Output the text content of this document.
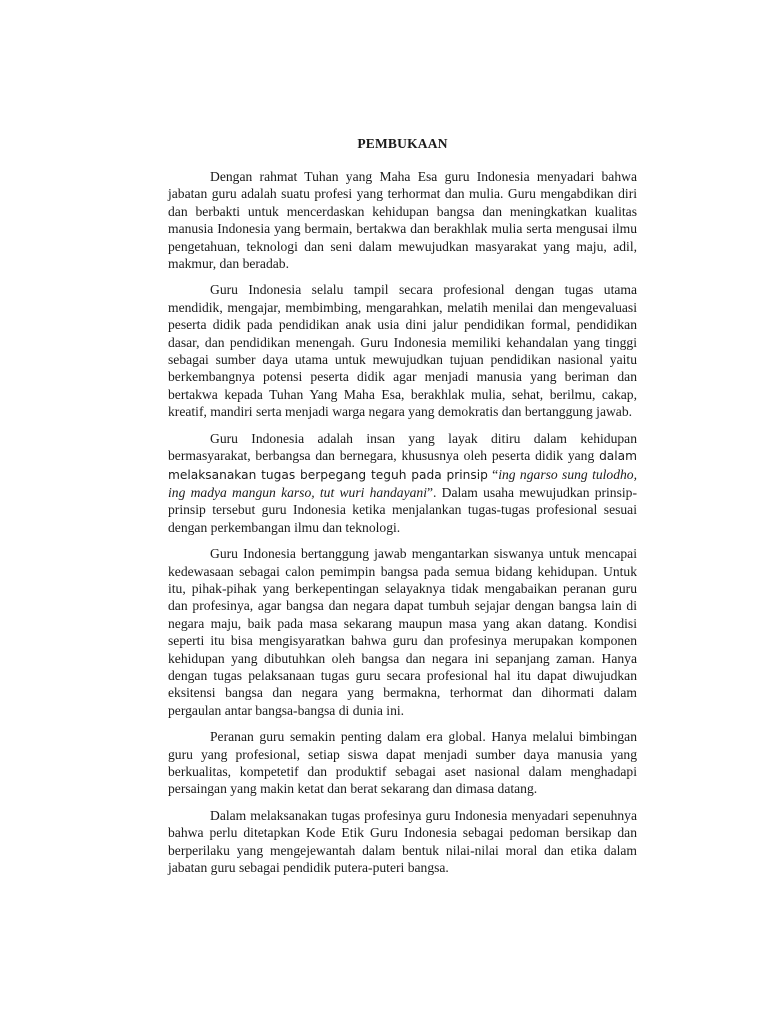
PEMBUKAAN

Dengan rahmat Tuhan yang Maha Esa guru Indonesia menyadari bahwa jabatan guru adalah suatu profesi yang terhormat dan mulia. Guru mengabdikan diri dan berbakti untuk mencerdaskan kehidupan bangsa dan meningkatkan kualitas manusia Indonesia yang bermain, bertakwa dan berakhlak mulia serta mengusai ilmu pengetahuan, teknologi dan seni dalam mewujudkan masyarakat yang maju, adil, makmur, dan beradab.

Guru Indonesia selalu tampil secara profesional dengan tugas utama mendidik, mengajar, membimbing, mengarahkan, melatih menilai dan mengevaluasi peserta didik pada pendidikan anak usia dini jalur pendidikan formal, pendidikan dasar, dan pendidikan menengah. Guru Indonesia memiliki kehandalan yang tinggi sebagai sumber daya utama untuk mewujudkan tujuan pendidikan nasional yaitu berkembangnya potensi peserta didik agar menjadi manusia yang beriman dan bertakwa kepada Tuhan Yang Maha Esa, berakhlak mulia, sehat, berilmu, cakap, kreatif, mandiri serta menjadi warga negara yang demokratis dan bertanggung jawab.

Guru Indonesia adalah insan yang layak ditiru dalam kehidupan bermasyarakat, berbangsa dan bernegara, khususnya oleh peserta didik yang dalam melaksanakan tugas berpegang teguh pada prinsip “ing ngarso sung tulodho, ing madya mangun karso, tut wuri handayani”. Dalam usaha mewujudkan prinsip-prinsip tersebut guru Indonesia ketika menjalankan tugas-tugas profesional sesuai dengan perkembangan ilmu dan teknologi.

Guru Indonesia bertanggung jawab mengantarkan siswanya untuk mencapai kedewasaan sebagai calon pemimpin bangsa pada semua bidang kehidupan. Untuk itu, pihak-pihak yang berkepentingan selayaknya tidak mengabaikan peranan guru dan profesinya, agar bangsa dan negara dapat tumbuh sejajar dengan bangsa lain di negara maju, baik pada masa sekarang maupun masa yang akan datang. Kondisi seperti itu bisa mengisyaratkan bahwa guru dan profesinya merupakan komponen kehidupan yang dibutuhkan oleh bangsa dan negara ini sepanjang zaman. Hanya dengan tugas pelaksanaan tugas guru secara profesional hal itu dapat diwujudkan eksitensi bangsa dan negara yang bermakna, terhormat dan dihormati dalam pergaulan antar bangsa-bangsa di dunia ini.

Peranan guru semakin penting dalam era global. Hanya melalui bimbingan guru yang profesional, setiap siswa dapat menjadi sumber daya manusia yang berkualitas, kompetetif dan produktif sebagai aset nasional dalam menghadapi persaingan yang makin ketat dan berat sekarang dan dimasa datang.

Dalam melaksanakan tugas profesinya guru Indonesia menyadari sepenuhnya bahwa perlu ditetapkan Kode Etik Guru Indonesia sebagai pedoman bersikap dan berperilaku yang mengejewantah dalam bentuk nilai-nilai moral dan etika dalam jabatan guru sebagai pendidik putera-puteri bangsa.
